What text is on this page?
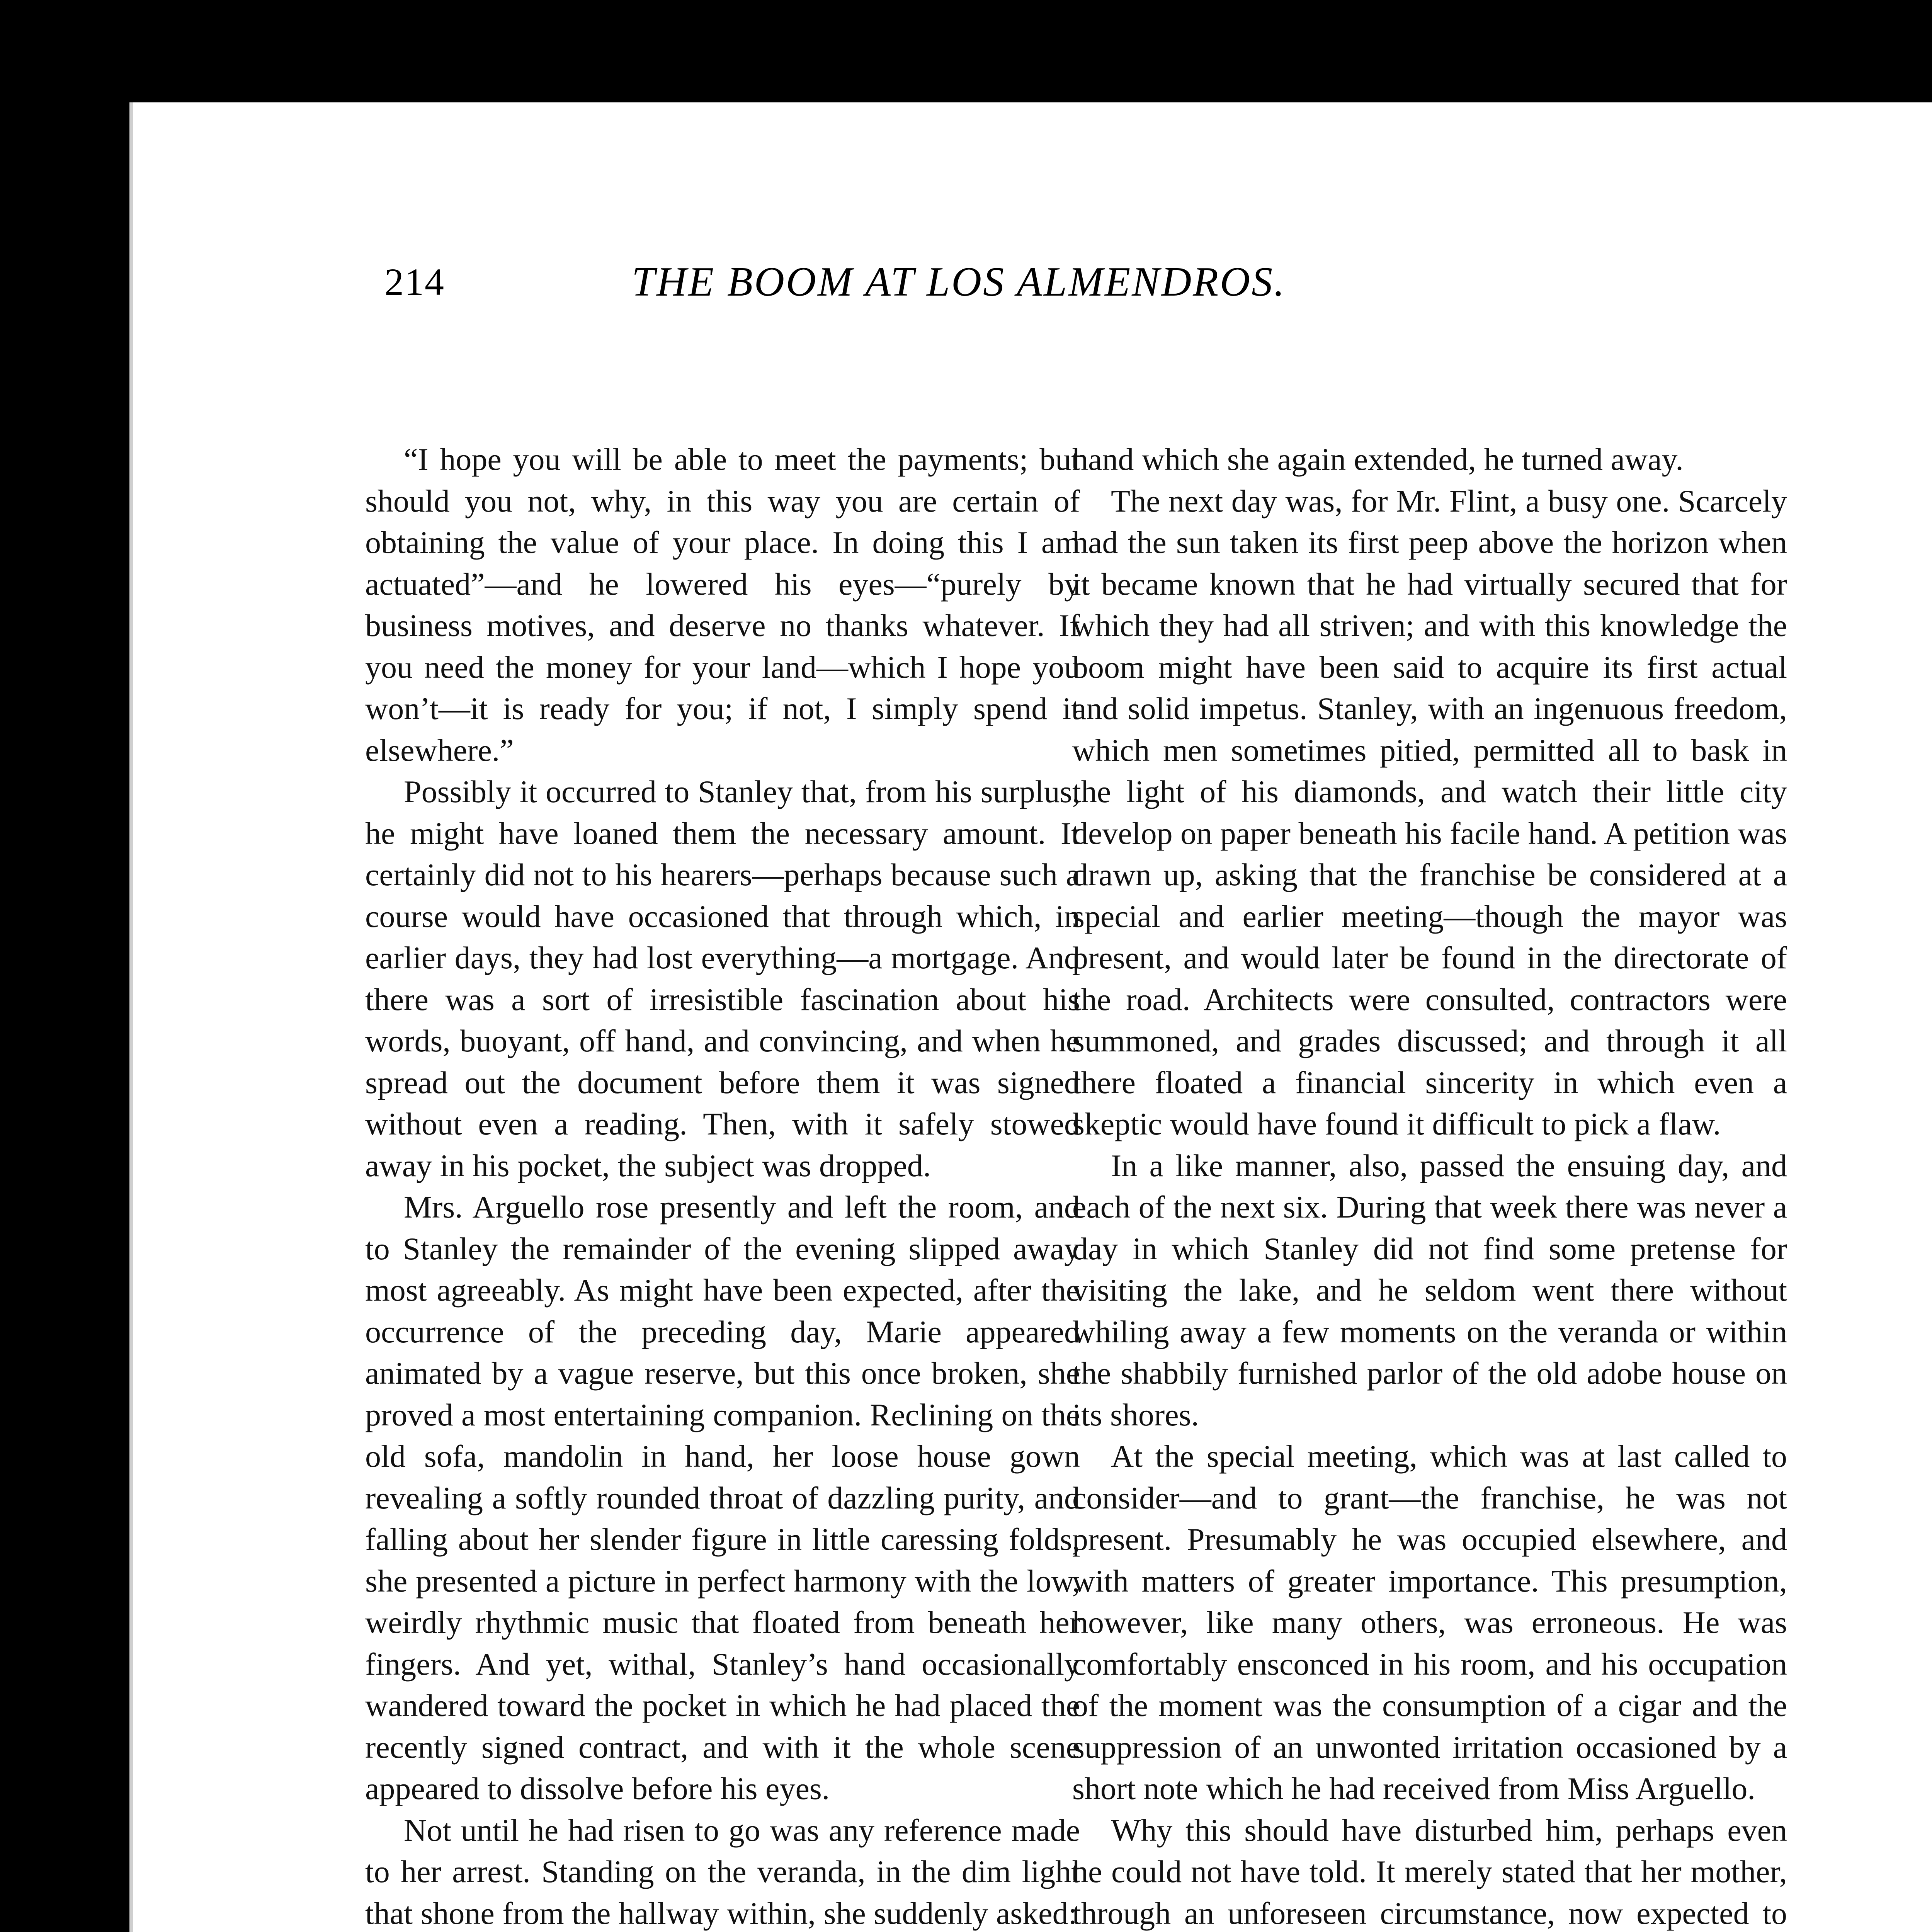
214	THE BOOM AT LOS ALMENDROS.

“I hope you will be able to meet the payments; but should you not, why, in this way you are certain of obtaining the value of your place. In doing this I am actuated”—and he lowered his eyes—“purely by business motives, and deserve no thanks whatever. If you need the money for your land—which I hope you won’t—it is ready for you; if not, I simply spend it elsewhere.”

Possibly it occurred to Stanley that, from his surplus, he might have loaned them the necessary amount. It certainly did not to his hearers—perhaps because such a course would have occasioned that through which, in earlier days, they had lost everything—a mortgage. And there was a sort of irresistible fascination about his words, buoyant, off hand, and convincing, and when he spread out the document before them it was signed without even a reading. Then, with it safely stowed away in his pocket, the subject was dropped.

Mrs. Arguello rose presently and left the room, and to Stanley the remainder of the evening slipped away most agreeably. As might have been expected, after the occurrence of the preceding day, Marie appeared animated by a vague reserve, but this once broken, she proved a most entertaining companion. Reclining on the old sofa, mandolin in hand, her loose house gown revealing a softly rounded throat of dazzling purity, and falling about her slender figure in little caressing folds, she presented a picture in perfect harmony with the low, weirdly rhythmic music that floated from beneath her fingers. And yet, withal, Stanley’s hand occasionally wandered toward the pocket in which he had placed the recently signed contract, and with it the whole scene appeared to dissolve before his eyes.

Not until he had risen to go was any reference made to her arrest. Standing on the veranda, in the dim light that shone from the hallway within, she suddenly asked:

hand which she again extended, he turned away.

The next day was, for Mr. Flint, a busy one. Scarcely had the sun taken its first peep above the horizon when it became known that he had virtually secured that for which they had all striven; and with this knowledge the boom might have been said to acquire its first actual and solid impetus. Stanley, with an ingenuous freedom, which men sometimes pitied, permitted all to bask in the light of his diamonds, and watch their little city develop on paper beneath his facile hand. A petition was drawn up, asking that the franchise be considered at a special and earlier meeting—though the mayor was present, and would later be found in the directorate of the road. Architects were consulted, contractors were summoned, and grades discussed; and through it all there floated a financial sincerity in which even a skeptic would have found it difficult to pick a flaw.

In a like manner, also, passed the ensuing day, and each of the next six. During that week there was never a day in which Stanley did not find some pretense for visiting the lake, and he seldom went there without whiling away a few moments on the veranda or within the shabbily furnished parlor of the old adobe house on its shores.

At the special meeting, which was at last called to consider—and to grant—the franchise, he was not present. Presumably he was occupied elsewhere, and with matters of greater importance. This presumption, however, like many others, was erroneous. He was comfortably ensconced in his room, and his occupation of the moment was the consumption of a cigar and the suppression of an unwonted irritation occasioned by a short note which he had received from Miss Arguello.

Why this should have disturbed him, perhaps even he could not have told. It merely stated that her mother, through an unforeseen circumstance, now expected to
